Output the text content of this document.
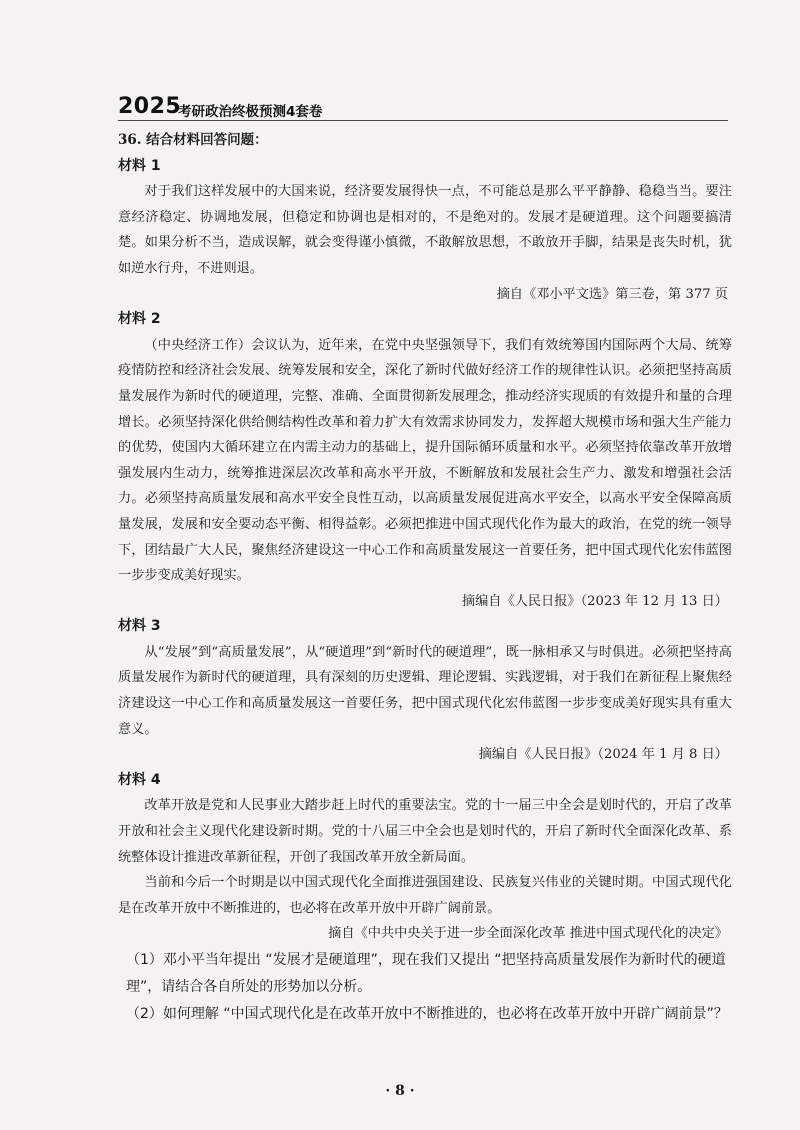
2025
考研政治终极预测4套卷

36. 结合材料回答问题：

材料 1

对于我们这样发展中的大国来说，经济要发展得快一点，不可能总是那么平平静静、稳稳当当。要注意经济稳定、协调地发展，但稳定和协调也是相对的，不是绝对的。发展才是硬道理。这个问题要搞清楚。如果分析不当，造成误解，就会变得谨小慎微，不敢解放思想，不敢放开手脚，结果是丧失时机，犹如逆水行舟，不进则退。

摘自《邓小平文选》第三卷，第 377 页

材料 2

（中央经济工作）会议认为，近年来，在党中央坚强领导下，我们有效统筹国内国际两个大局、统筹疫情防控和经济社会发展、统筹发展和安全，深化了新时代做好经济工作的规律性认识。必须把坚持高质量发展作为新时代的硬道理，完整、准确、全面贯彻新发展理念，推动经济实现质的有效提升和量的合理增长。必须坚持深化供给侧结构性改革和着力扩大有效需求协同发力，发挥超大规模市场和强大生产能力的优势，使国内大循环建立在内需主动力的基础上，提升国际循环质量和水平。必须坚持依靠改革开放增强发展内生动力，统筹推进深层次改革和高水平开放，不断解放和发展社会生产力、激发和增强社会活力。必须坚持高质量发展和高水平安全良性互动，以高质量发展促进高水平安全，以高水平安全保障高质量发展，发展和安全要动态平衡、相得益彰。必须把推进中国式现代化作为最大的政治，在党的统一领导下，团结最广大人民，聚焦经济建设这一中心工作和高质量发展这一首要任务，把中国式现代化宏伟蓝图一步步变成美好现实。

摘编自《人民日报》（2023 年 12 月 13 日）

材料 3

从“发展”到“高质量发展”，从“硬道理”到“新时代的硬道理”，既一脉相承又与时俱进。必须把坚持高质量发展作为新时代的硬道理，具有深刻的历史逻辑、理论逻辑、实践逻辑，对于我们在新征程上聚焦经济建设这一中心工作和高质量发展这一首要任务，把中国式现代化宏伟蓝图一步步变成美好现实具有重大意义。

摘编自《人民日报》（2024 年 1 月 8 日）

材料 4

改革开放是党和人民事业大踏步赶上时代的重要法宝。党的十一届三中全会是划时代的，开启了改革开放和社会主义现代化建设新时期。党的十八届三中全会也是划时代的，开启了新时代全面深化改革、系统整体设计推进改革新征程，开创了我国改革开放全新局面。

当前和今后一个时期是以中国式现代化全面推进强国建设、民族复兴伟业的关键时期。中国式现代化是在改革开放中不断推进的，也必将在改革开放中开辟广阔前景。

摘自《中共中央关于进一步全面深化改革 推进中国式现代化的决定》

（1）邓小平当年提出 “发展才是硬道理”，现在我们又提出 “把坚持高质量发展作为新时代的硬道理”，请结合各自所处的形势加以分析。

（2）如何理解 “中国式现代化是在改革开放中不断推进的，也必将在改革开放中开辟广阔前景”？

· 8 ·
